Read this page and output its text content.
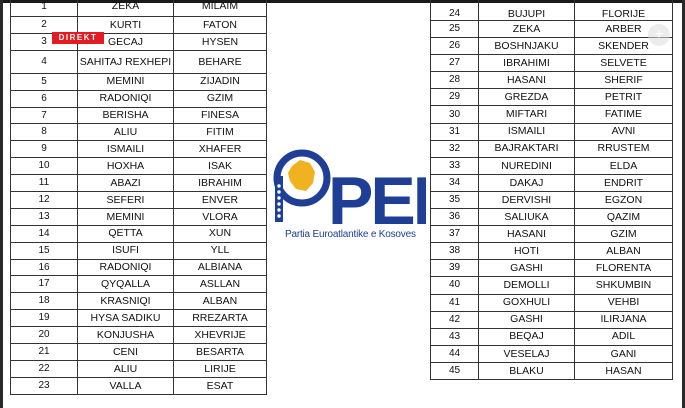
1	ZEKA	MILAIM
2	KURTI	FATON
3	GECAJ	HYSEN
4	SAHITAJ REXHEPI	BEHARE
5	MEMINI	ZIJADIN
6	RADONIQI	GZIM
7	BERISHA	FINESA
8	ALIU	FITIM
9	ISMAILI	XHAFER
10	HOXHA	ISAK
11	ABAZI	IBRAHIM
12	SEFERI	ENVER
13	MEMINI	VLORA
14	QETTA	XUN
15	ISUFI	YLL
16	RADONIQI	ALBIANA
17	QYQALLA	ASLLAN
18	KRASNIQI	ALBAN
19	HYSA SADIKU	RREZARTA
20	KONJUSHA	XHEVRIJE
21	CENI	BESARTA
22	ALIU	LIRIJE
23	VALLA	ESAT
24	BUJUPI	FLORIJE
25	ZEKA	ARBER
26	BOSHNJAKU	SKENDER
27	IBRAHIMI	SELVETE
28	HASANI	SHERIF
29	GREZDA	PETRIT
30	MIFTARI	FATIME
31	ISMAILI	AVNI
32	BAJRAKTARI	RRUSTEM
33	NUREDINI	ELDA
34	DAKAJ	ENDRIT
35	DERVISHI	EGZON
36	SALIUKA	QAZIM
37	HASANI	GZIM
38	HOTI	ALBAN
39	GASHI	FLORENTA
40	DEMOLLI	SHKUMBIN
41	GOXHULI	VEHBI
42	GASHI	ILIRJANA
43	BEQAJ	ADIL
44	VESELAJ	GANI
45	BLAKU	HASAN
PE
Partia Euroatlantike e Kosoves
DIREKT	+
